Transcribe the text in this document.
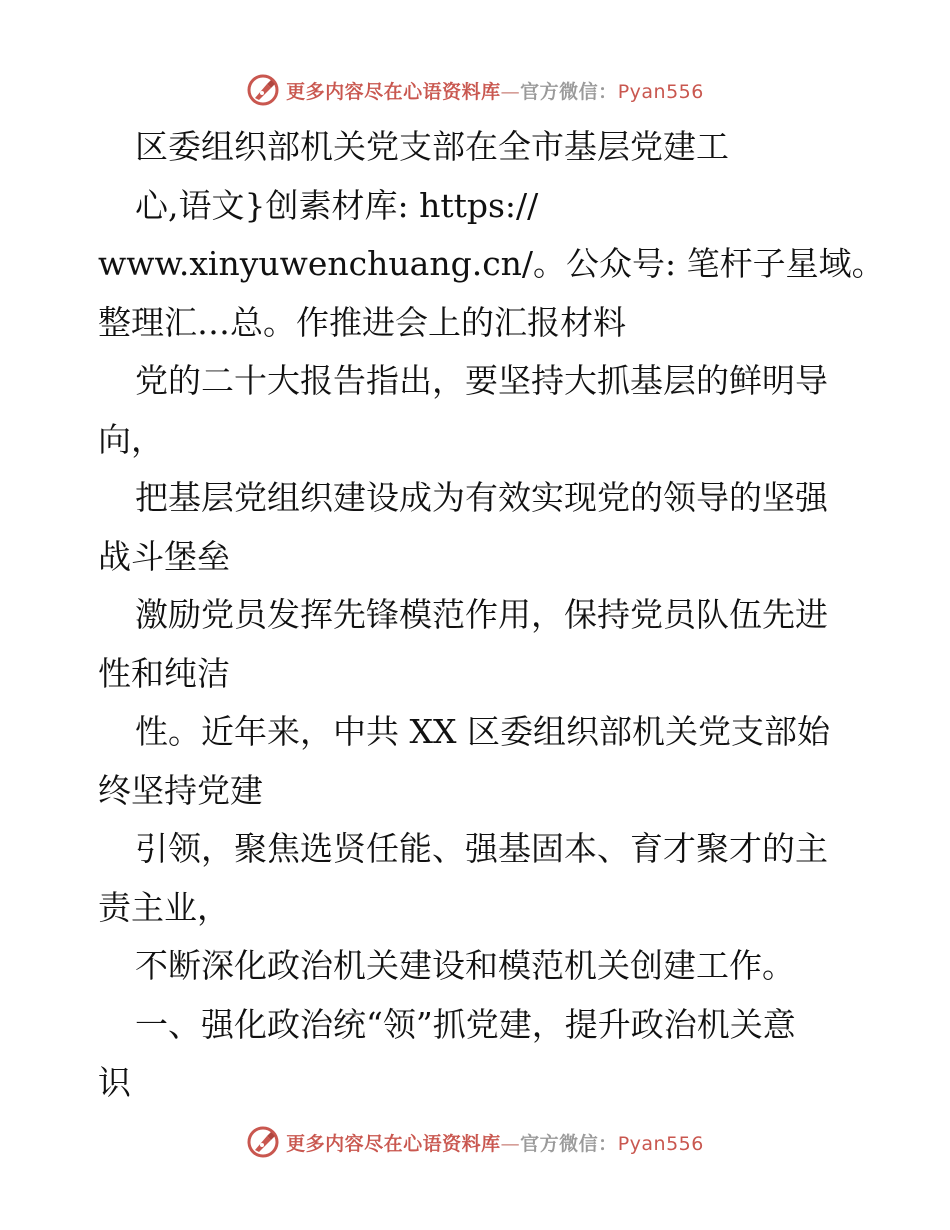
更多内容尽在心语资料库—官方微信：Pyan556
区委组织部机关党支部在全市基层党建工
心,语文}创素材库: https://
www.xinyuwenchuang.cn/。公众号: 笔杆子星域。
整理汇…总。作推进会上的汇报材料
党的二十大报告指出，要坚持大抓基层的鲜明导
向，
把基层党组织建设成为有效实现党的领导的坚强
战斗堡垒
激励党员发挥先锋模范作用，保持党员队伍先进
性和纯洁
性。近年来，中共 XX 区委组织部机关党支部始
终坚持党建
引领，聚焦选贤任能、强基固本、育才聚才的主
责主业，
不断深化政治机关建设和模范机关创建工作。
一、强化政治统“领”抓党建，提升政治机关意
识
更多内容尽在心语资料库—官方微信：Pyan556
